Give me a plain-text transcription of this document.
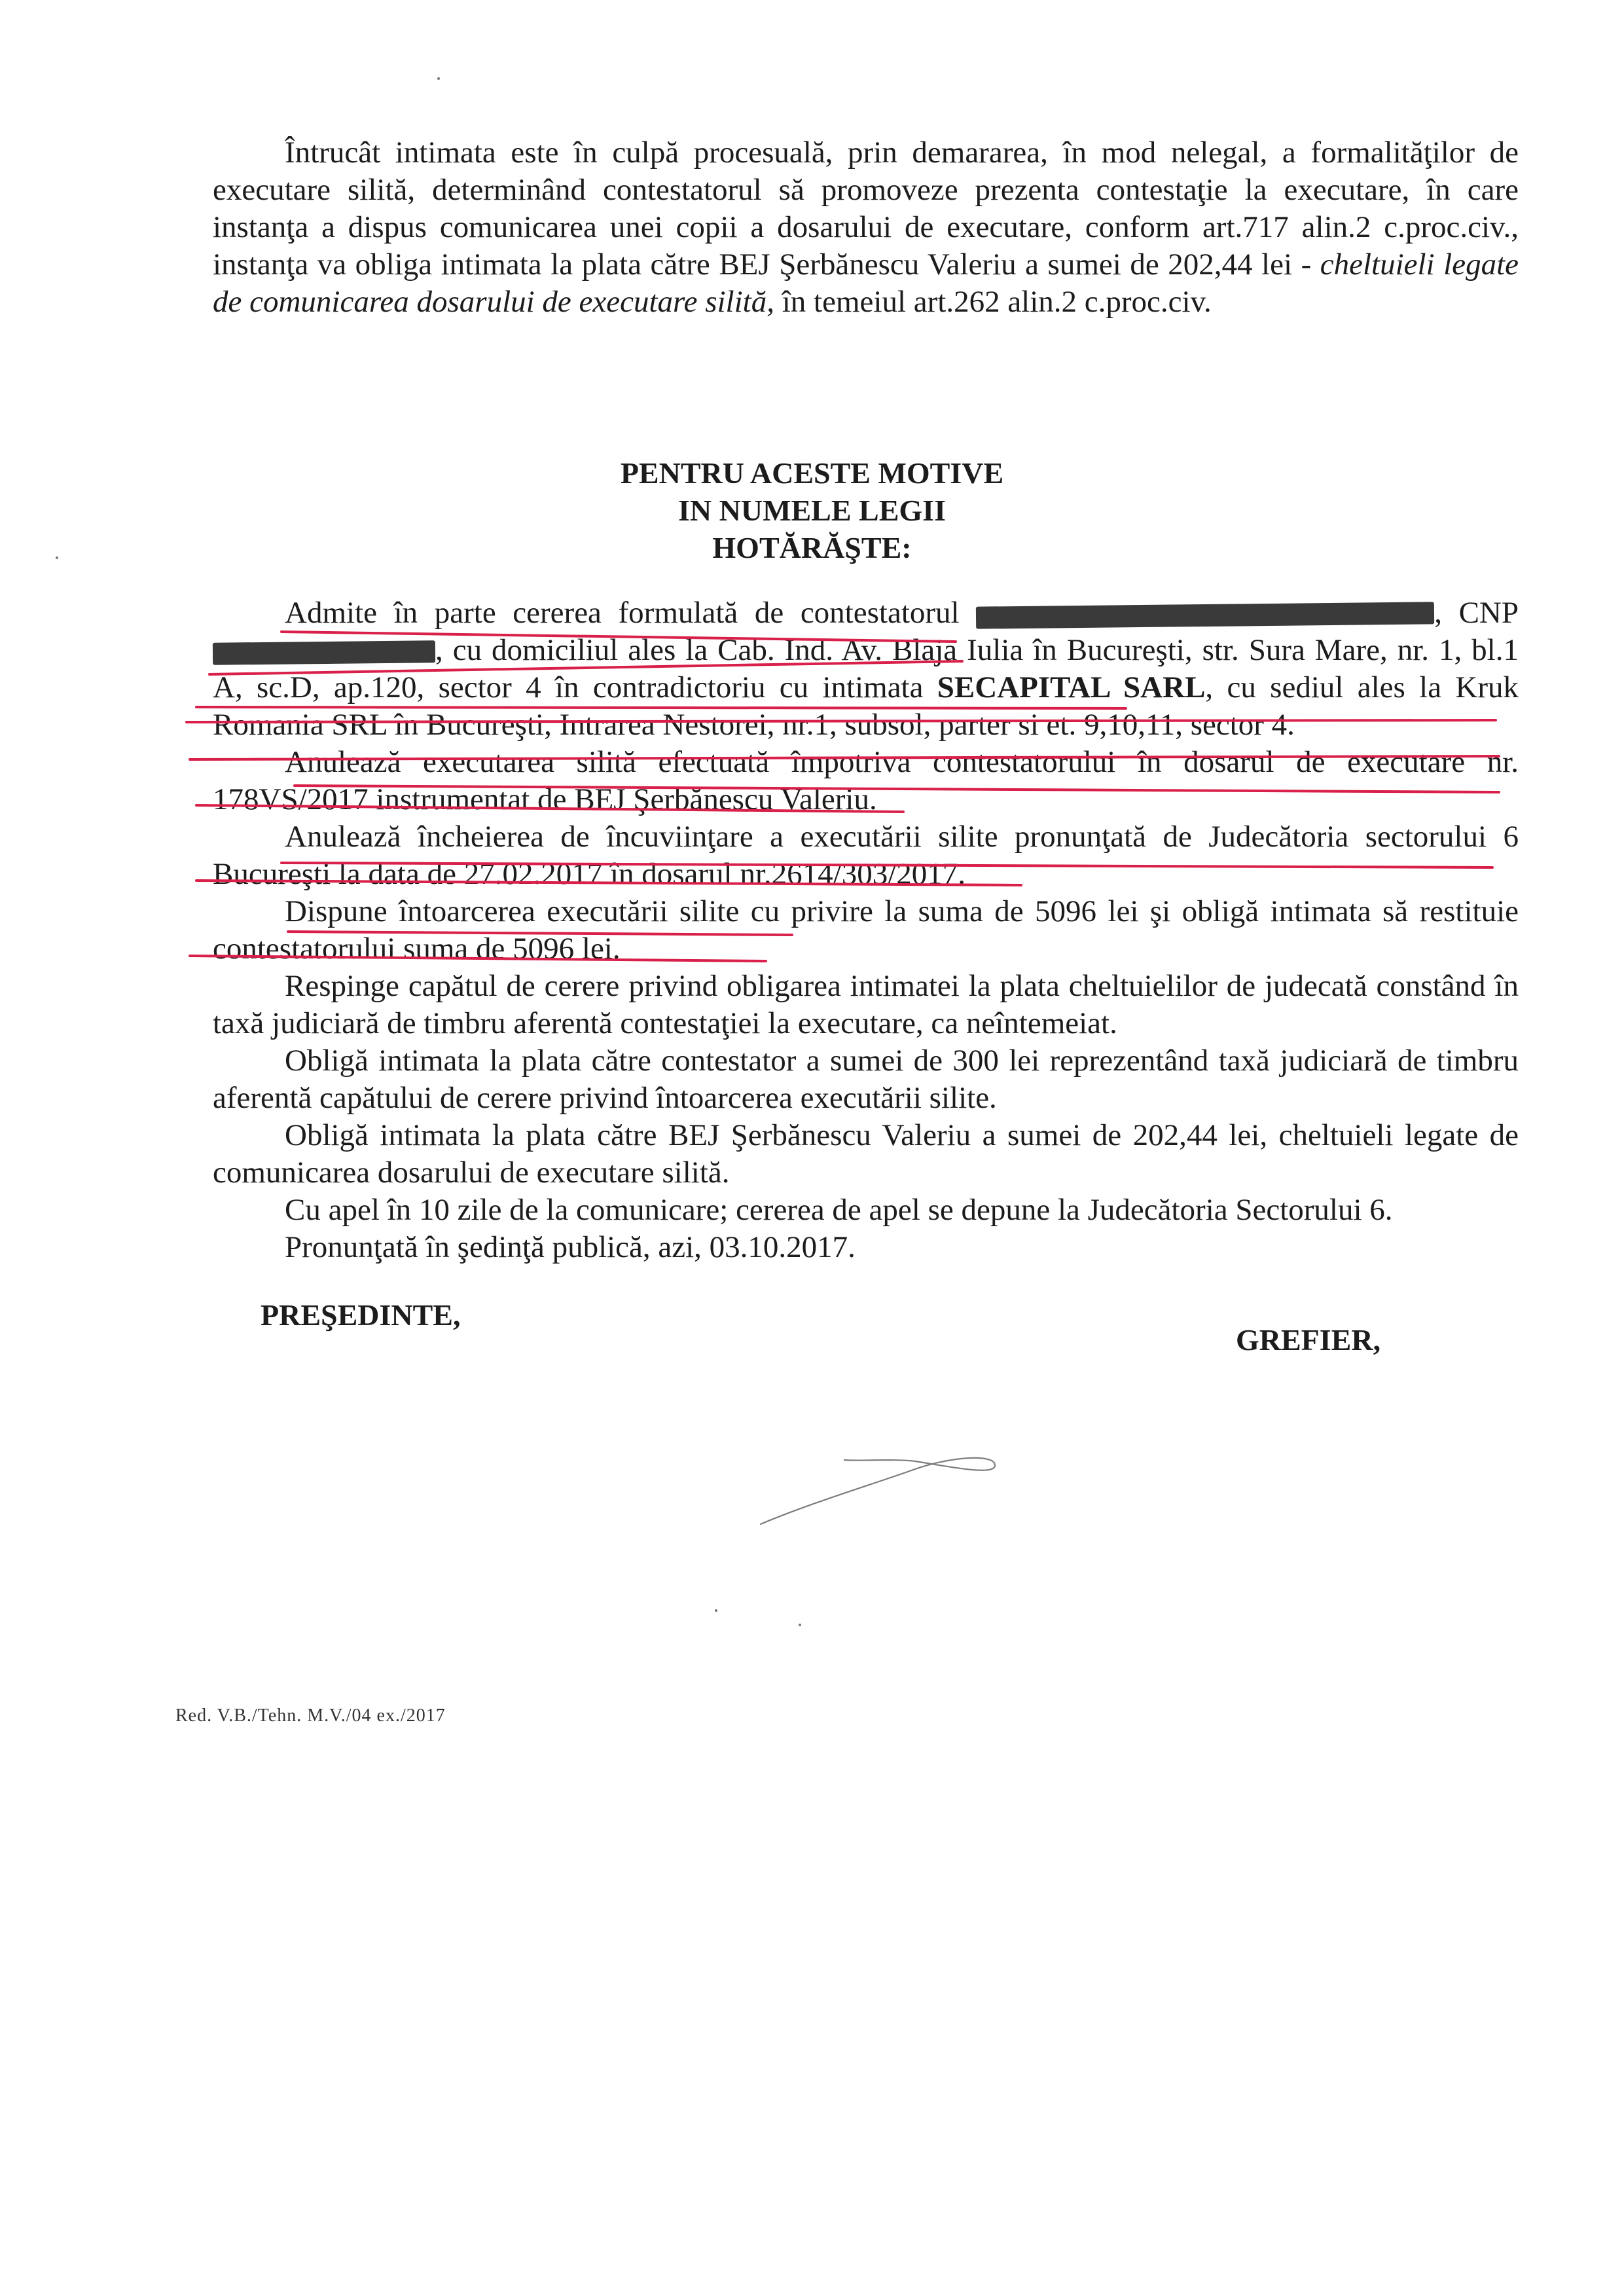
Întrucât intimata este în culpă procesuală, prin demararea, în mod nelegal, a formalităţilor de executare silită, determinând contestatorul să promoveze prezenta contestaţie la executare, în care instanţa a dispus comunicarea unei copii a dosarului de executare, conform art.717 alin.2 c.proc.civ., instanţa va obliga intimata la plata către BEJ Şerbănescu Valeriu a sumei de 202,44 lei - cheltuieli legate de comunicarea dosarului de executare silită, în temeiul art.262 alin.2 c.proc.civ.

PENTRU ACESTE MOTIVE

IN NUMELE LEGII

HOTĂRĂŞTE:

Admite în parte cererea formulată de contestatorul	, CNP , cu domiciliul ales la Cab. Ind. Av. Blaja Iulia în Bucureşti, str. Sura Mare, nr. 1, bl.1 A, sc.D, ap.120, sector 4 în contradictoriu cu intimata SECAPITAL SARL, cu sediul ales la Kruk Romania SRL în Bucureşti, Intrarea Nestorei, nr.1, subsol, parter si et. 9,10,11, sector 4.

Anulează executarea silită efectuată împotriva contestatorului în dosarul de executare nr. 178VS/2017 instrumentat de BEJ Şerbănescu Valeriu.

Anulează încheierea de încuviinţare a executării silite pronunţată de Judecătoria sectorului 6 Bucureşti la data de 27.02.2017 în dosarul nr.2614/303/2017.

Dispune întoarcerea executării silite cu privire la suma de 5096 lei şi obligă intimata să restituie contestatorului suma de 5096 lei.

Respinge capătul de cerere privind obligarea intimatei la plata cheltuielilor de judecată constând în taxă judiciară de timbru aferentă contestaţiei la executare, ca neîntemeiat.

Obligă intimata la plata către contestator a sumei de 300 lei reprezentând taxă judiciară de timbru aferentă capătului de cerere privind întoarcerea executării silite.

Obligă intimata la plata către BEJ Şerbănescu Valeriu a sumei de 202,44 lei, cheltuieli legate de comunicarea dosarului de executare silită.

Cu apel în 10 zile de la comunicare; cererea de apel se depune la Judecătoria Sectorului 6.

Pronunţată în şedinţă publică, azi, 03.10.2017.

PREŞEDINTE,
GREFIER,
Red. V.B./Tehn. M.V./04 ex./2017
